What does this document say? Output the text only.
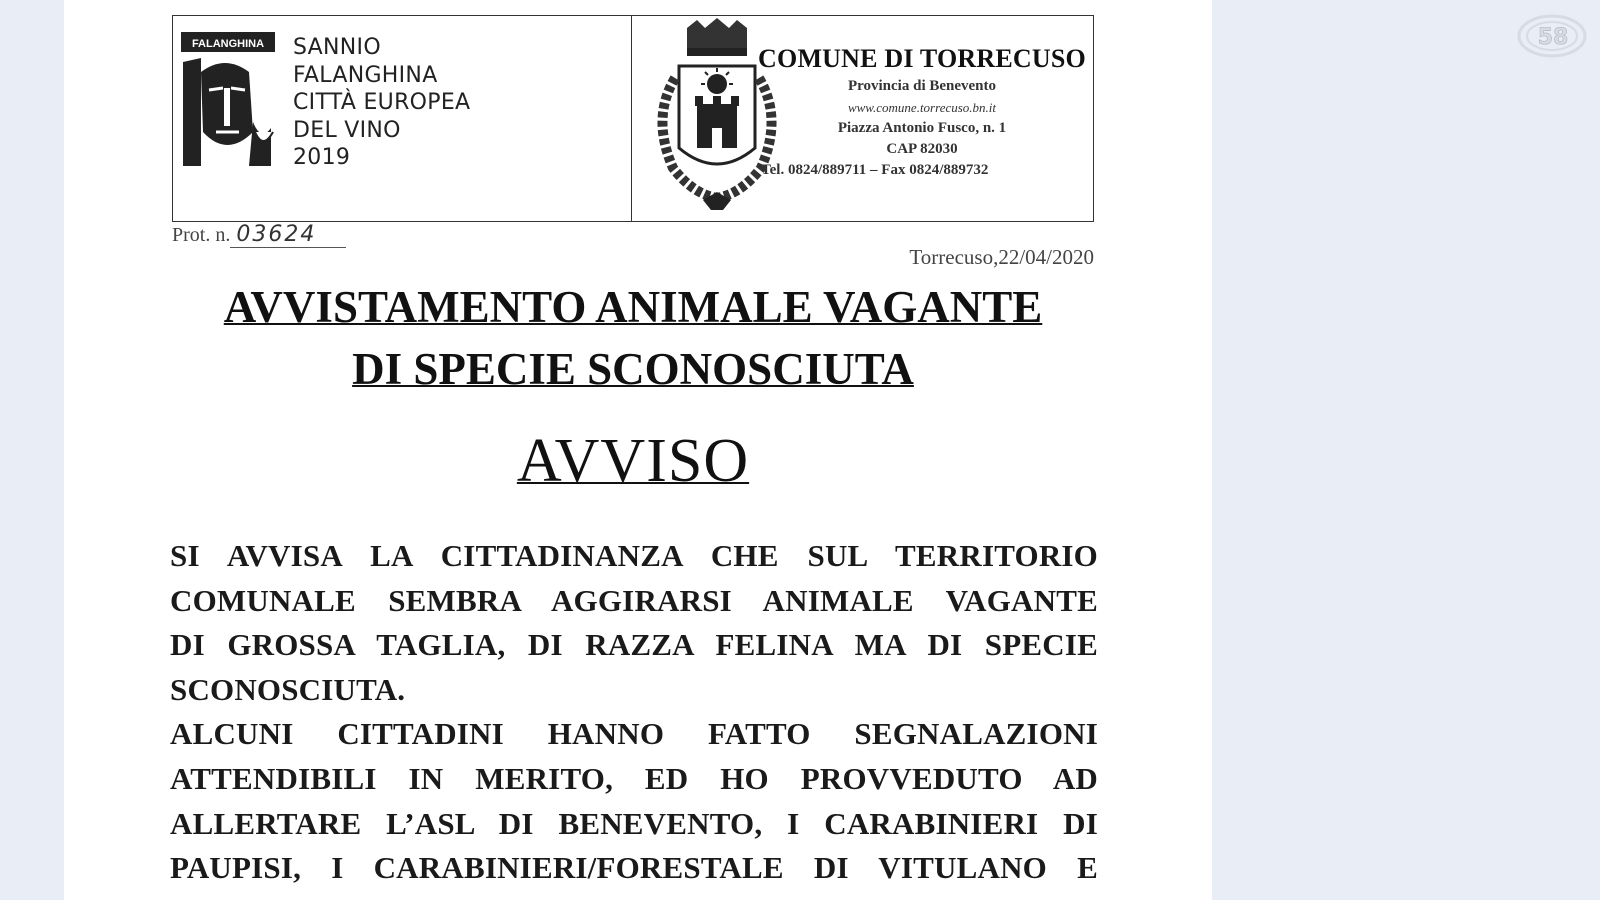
FALANGHINA SANNIO
FALANGHINA
CITTÀ EUROPEA
DEL VINO
2019
COMUNE DI TORRECUSO
Provincia di Benevento
www.comune.torrecuso.bn.it
Piazza Antonio Fusco, n. 1
CAP 82030
Tel. 0824/889711 – Fax 0824/889732
Prot. n. 03624
Torrecuso,22/04/2020
AVVISTAMENTO ANIMALE VAGANTE
DI SPECIE SCONOSCIUTA
AVVISO
SI AVVISA LA CITTADINANZA CHE SUL TERRITORIO
COMUNALE SEMBRA AGGIRARSI ANIMALE VAGANTE
DI GROSSA TAGLIA, DI RAZZA FELINA MA DI SPECIE
SCONOSCIUTA.
ALCUNI CITTADINI HANNO FATTO SEGNALAZIONI
ATTENDIBILI IN MERITO, ED HO PROVVEDUTO AD
ALLERTARE L’ASL DI BENEVENTO, I CARABINIERI DI
PAUPISI, I CARABINIERI/FORESTALE DI VITULANO E
58
